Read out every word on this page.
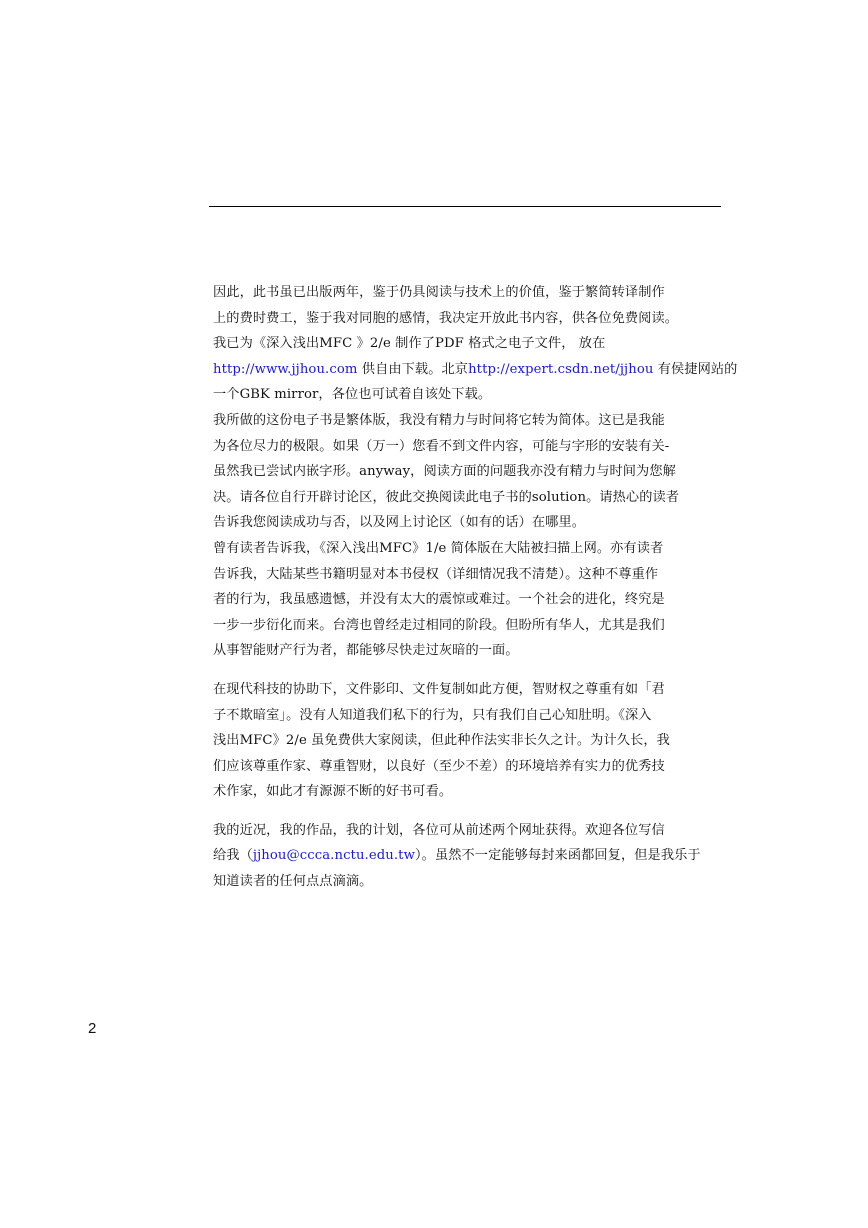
因此，此书虽已出版两年，鉴于仍具阅读与技术上的价值，鉴于繁简转译制作
上的费时费工，鉴于我对同胞的感情，我决定开放此书内容，供各位免费阅读。
我已为《深入浅出MFC 》2/e 制作了PDF 格式之电子文件， 放在
http://www.jjhou.com 供自由下载。北京http://expert.csdn.net/jjhou 有侯捷网站的
一个GBK mirror，各位也可试着自该处下载。
我所做的这份电子书是繁体版，我没有精力与时间将它转为简体。这已是我能
为各位尽力的极限。如果（万一）您看不到文件内容，可能与字形的安装有关-
虽然我已尝试内嵌字形。anyway，阅读方面的问题我亦没有精力与时间为您解
决。请各位自行开辟讨论区，彼此交换阅读此电子书的solution。请热心的读者
告诉我您阅读成功与否，以及网上讨论区（如有的话）在哪里。
曾有读者告诉我，《深入浅出MFC》1/e 简体版在大陆被扫描上网。亦有读者
告诉我，大陆某些书籍明显对本书侵权（详细情况我不清楚）。这种不尊重作
者的行为，我虽感遗憾，并没有太大的震惊或难过。一个社会的进化，终究是
一步一步衍化而来。台湾也曾经走过相同的阶段。但盼所有华人，尤其是我们
从事智能财产行为者，都能够尽快走过灰暗的一面。
在现代科技的协助下，文件影印、文件复制如此方便，智财权之尊重有如「君
子不欺暗室」。没有人知道我们私下的行为，只有我们自己心知肚明。《深入
浅出MFC》2/e 虽免费供大家阅读，但此种作法实非长久之计。为计久长，我
们应该尊重作家、尊重智财，以良好（至少不差）的环境培养有实力的优秀技
术作家，如此才有源源不断的好书可看。
我的近况，我的作品，我的计划，各位可从前述两个网址获得。欢迎各位写信
给我（jjhou@ccca.nctu.edu.tw）。虽然不一定能够每封来函都回复，但是我乐于
知道读者的任何点点滴滴。
2
